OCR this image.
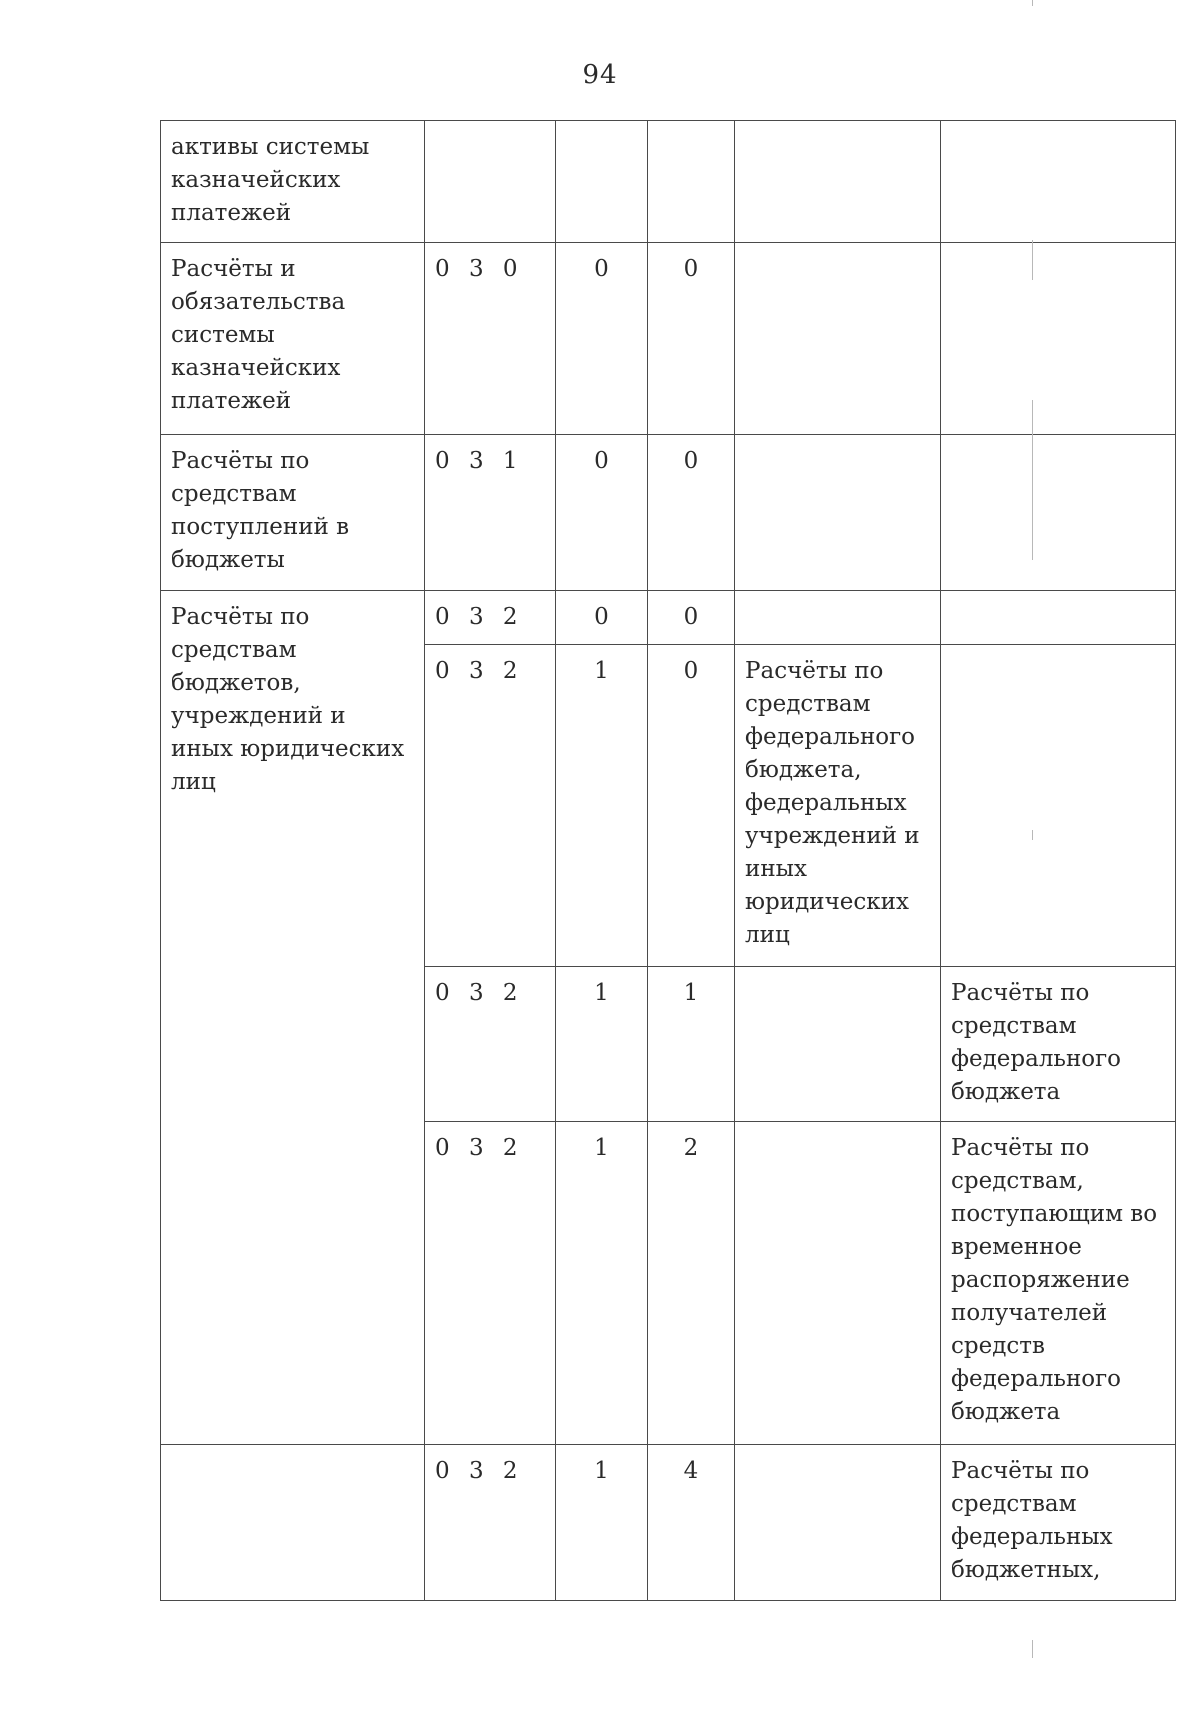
94
активы системы казначейских платежей					
Расчёты и обязательства системы казначейских платежей	0 3 0	0	0		
Расчёты по средствам поступлений в бюджеты	0 3 1	0	0		
Расчёты по средствам бюджетов, учреждений и иных юридических лиц	0 3 2	0	0		
	0 3 2	1	0	Расчёты по средствам федерального бюджета, федеральных учреждений и иных юридических лиц	
	0 3 2	1	1		Расчёты по средствам федерального бюджета
	0 3 2	1	2		Расчёты по средствам, поступающим во временное распоряжение получателей средств федерального бюджета
	0 3 2	1	4		Расчёты по средствам федеральных бюджетных,
